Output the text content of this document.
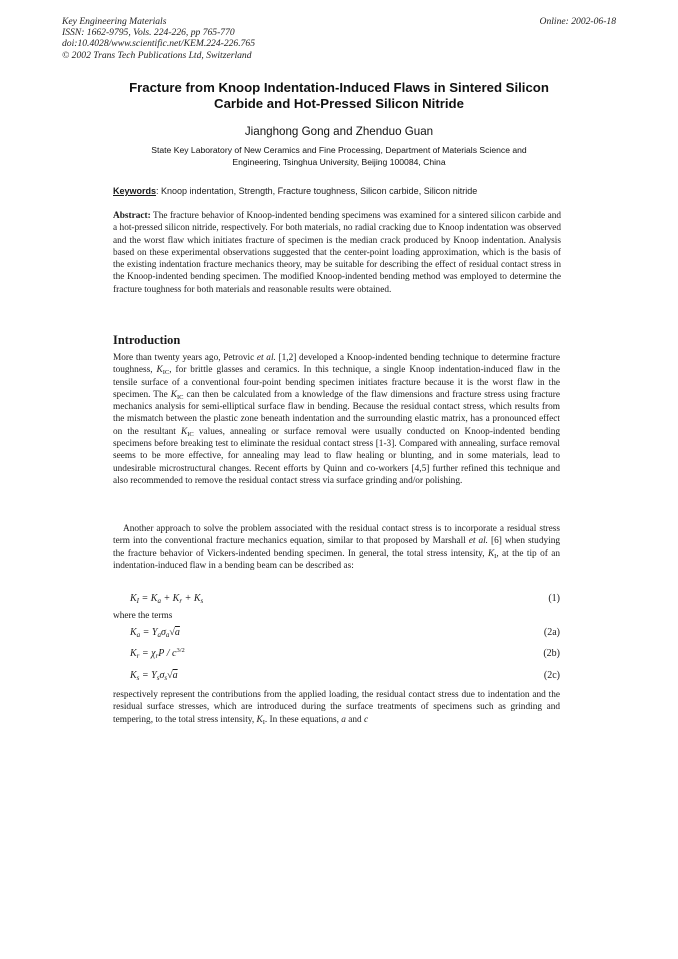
Key Engineering Materials
ISSN: 1662-9795, Vols. 224-226, pp 765-770
doi:10.4028/www.scientific.net/KEM.224-226.765
© 2002 Trans Tech Publications Ltd, Switzerland
Online: 2002-06-18
Fracture from Knoop Indentation-Induced Flaws in Sintered Silicon
Carbide and Hot-Pressed Silicon Nitride
Jianghong Gong and Zhenduo Guan
State Key Laboratory of New Ceramics and Fine Processing, Department of Materials Science and
Engineering, Tsinghua University, Beijing 100084, China
Keywords: Knoop indentation, Strength, Fracture toughness, Silicon carbide, Silicon nitride
Abstract: The fracture behavior of Knoop-indented bending specimens was examined for a sintered silicon carbide and a hot-pressed silicon nitride, respectively. For both materials, no radial cracking due to Knoop indentation was observed and the worst flaw which initiates fracture of specimen is the median crack produced by Knoop indentation. Analysis based on these experimental observations suggested that the center-point loading approximation, which is the basis of the existing indentation fracture mechanics theory, may be suitable for describing the effect of residual contact stress in the Knoop-indented bending specimen. The modified Knoop-indented bending method was employed to determine the fracture toughness for both materials and reasonable results were obtained.
Introduction
More than twenty years ago, Petrovic et al. [1,2] developed a Knoop-indented bending technique to determine fracture toughness, $K_{IC}$, for brittle glasses and ceramics. In this technique, a single Knoop indentation-induced flaw in the tensile surface of a conventional four-point bending specimen initiates fracture because it is the worst flaw in the specimen. The $K_{IC}$ can then be calculated from a knowledge of the flaw dimensions and fracture stress using fracture mechanics analysis for semi-elliptical surface flaw in bending. Because the residual contact stress, which results from the mismatch between the plastic zone beneath indentation and the surrounding elastic matrix, has a pronounced effect on the resultant $K_{IC}$ values, annealing or surface removal were usually conducted on Knoop-indented bending specimens before breaking test to eliminate the residual contact stress [1-3]. Compared with annealing, surface removal seems to be more effective, for annealing may lead to flaw healing or blunting, and in some materials, lead to undesirable microstructural changes. Recent efforts by Quinn and co-workers [4,5] further refined this technique and also recommended to remove the residual contact stress via surface grinding and/or polishing.
Another approach to solve the problem associated with the residual contact stress is to incorporate a residual stress term into the conventional fracture mechanics equation, similar to that proposed by Marshall et al. [6] when studying the fracture behavior of Vickers-indented bending specimen. In general, the total stress intensity, $K_I$, at the tip of an indentation-induced flaw in a bending beam can be described as:
$K_I = K_a + K_r + K_s$	(1)
where the terms
$K_a = Y_a\sigma_a√a$	(2a)
$K_r = \chi_rP / c^{3/2}$	(2b)
$K_s = Y_s\sigma_s√a$	(2c)
respectively represent the contributions from the applied loading, the residual contact stress due to indentation and the residual surface stresses, which are introduced during the surface treatments of specimens such as grinding and tempering, to the total stress intensity, $K_I$. In these equations, a and c
